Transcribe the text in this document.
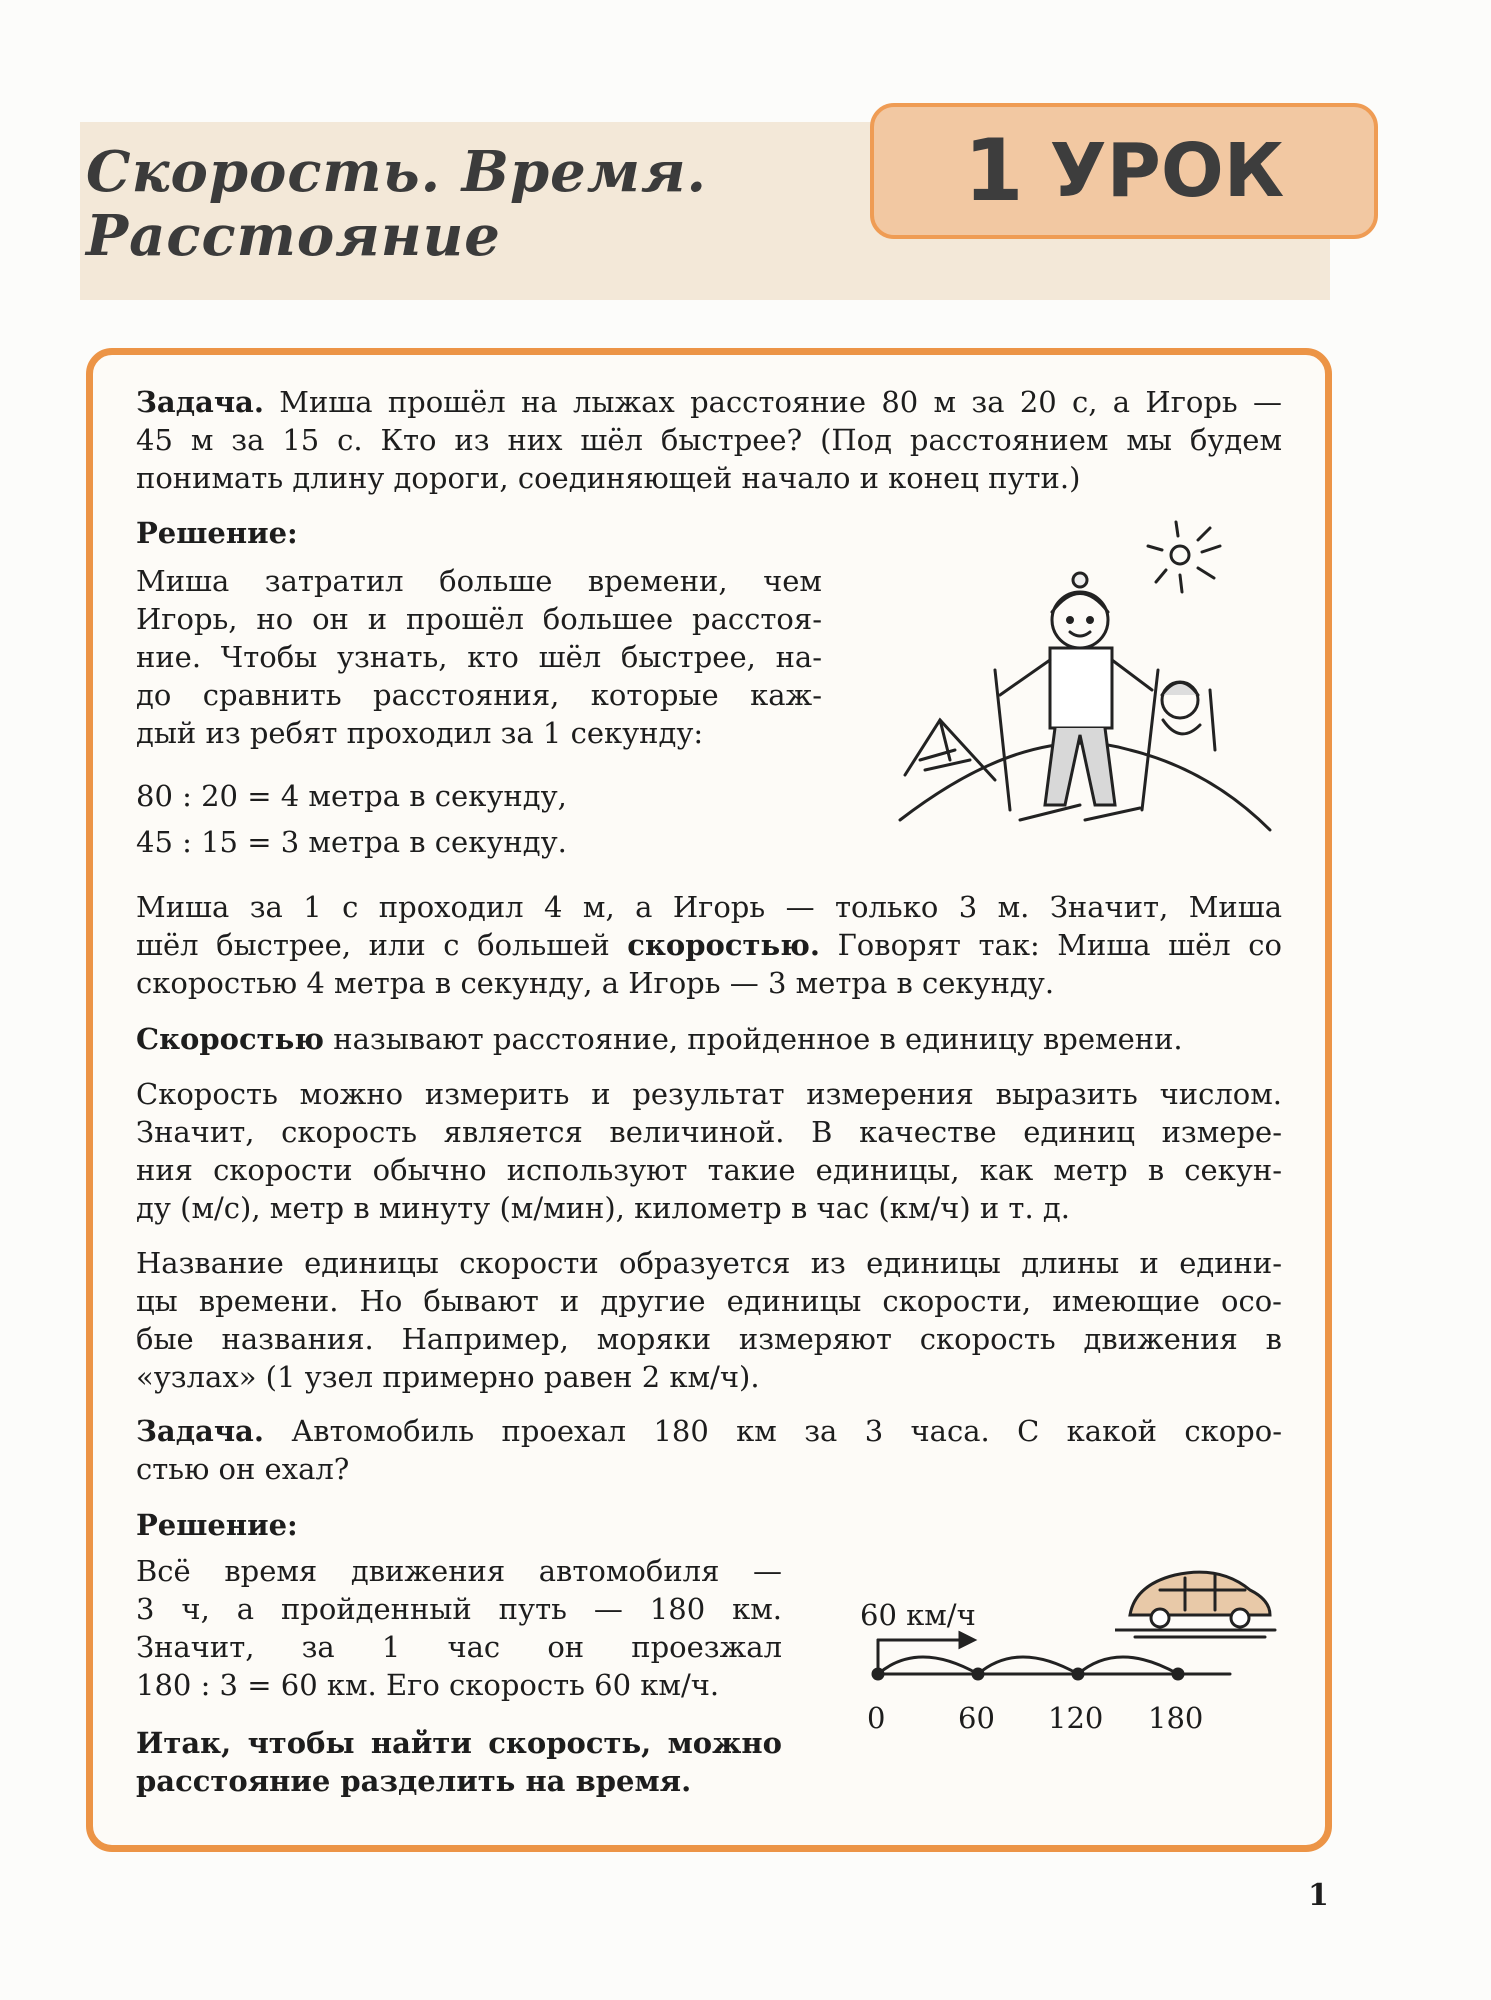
Скорость. Время.
Расстояние
1 УРОК

Задача. Миша прошёл на лыжах расстояние 80 м за 20 с, а Игорь —

45 м за 15 с. Кто из них шёл быстрее? (Под расстоянием мы будем

понимать длину дороги, соединяющей начало и конец пути.)

Решение:

Миша затратил больше времени, чем

Игорь, но он и прошёл большее расстоя-

ние. Чтобы узнать, кто шёл быстрее, на-

до сравнить расстояния, которые каж-

дый из ребят проходил за 1 секунду:

80 : 20 = 4 метра в секунду,

45 : 15 = 3 метра в секунду.

Миша за 1 с проходил 4 м, а Игорь — только 3 м. Значит, Миша

шёл быстрее, или с большей скоростью. Говорят так: Миша шёл со

скоростью 4 метра в секунду, а Игорь — 3 метра в секунду.

Скоростью называют расстояние, пройденное в единицу времени.

Скорость можно измерить и результат измерения выразить числом.

Значит, скорость является величиной. В качестве единиц измере-

ния скорости обычно используют такие единицы, как метр в секун-

ду (м/с), метр в минуту (м/мин), километр в час (км/ч) и т. д.

Название единицы скорости образуется из единицы длины и едини-

цы времени. Но бывают и другие единицы скорости, имеющие осо-

бые названия. Например, моряки измеряют скорость движения в

«узлах» (1 узел примерно равен 2 км/ч).

Задача. Автомобиль проехал 180 км за 3 часа. С какой скоро-

стью он ехал?

Решение:

Всё время движения автомобиля —

3 ч, а пройденный путь — 180 км.

Значит, за 1 час он проезжал

180 : 3 = 60 км. Его скорость 60 км/ч.

Итак, чтобы найти скорость, можно

расстояние разделить на время.

60 км/ч
0	60 120 180
1
